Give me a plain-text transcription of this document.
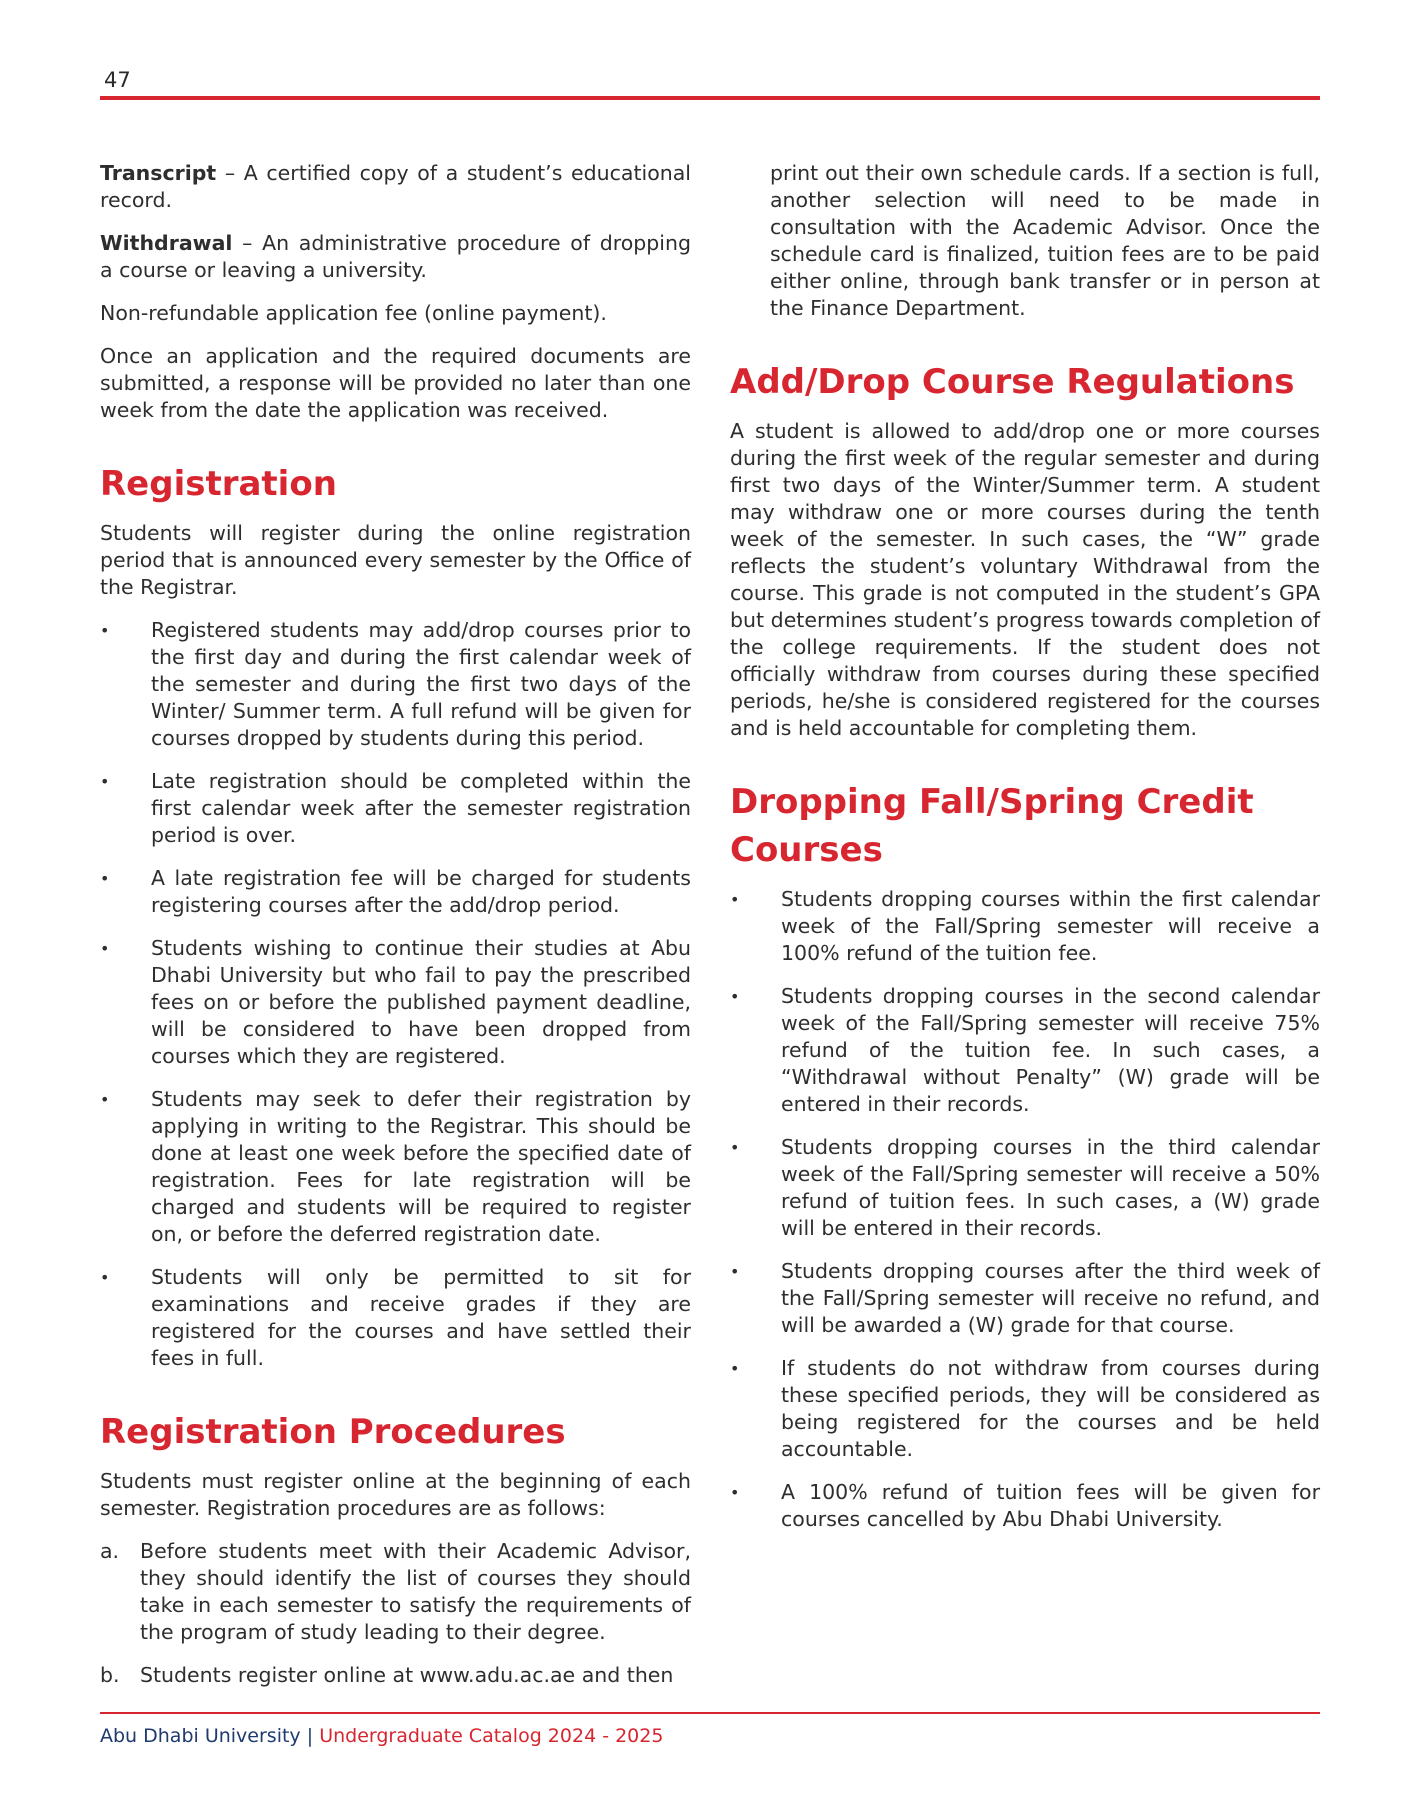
47

Transcript – A certified copy of a student’s educational record.

Withdrawal – An administrative procedure of dropping a course or leaving a university.

Non-refundable application fee (online payment).

Once an application and the required documents are submitted, a response will be provided no later than one week from the date the application was received.

Registration

Students will register during the online registration period that is announced every semester by the Office of the Registrar.

•	Registered students may add/drop courses prior to the first day and during the first calendar week of the semester and during the first two days of the Winter/ Summer term. A full refund will be given for courses dropped by students during this period.
•	Late registration should be completed within the first calendar week after the semester registration period is over.
•	A late registration fee will be charged for students registering courses after the add/drop period.
•	Students wishing to continue their studies at Abu Dhabi University but who fail to pay the prescribed fees on or before the published payment deadline, will be considered to have been dropped from courses which they are registered.
•	Students may seek to defer their registration by applying in writing to the Registrar. This should be done at least one week before the specified date of registration. Fees for late registration will be charged and students will be required to register on, or before the deferred registration date.
•	Students will only be permitted to sit for examinations and receive grades if they are registered for the courses and have settled their fees in full.
Registration Procedures

Students must register online at the beginning of each semester. Registration procedures are as follows:

a. Before students meet with their Academic Advisor, they should identify the list of courses they should take in each semester to satisfy the requirements of the program of study leading to their degree.
b. Students register online at www.adu.ac.ae and then

print out their own schedule cards. If a section is full, another selection will need to be made in consultation with the Academic Advisor. Once the schedule card is finalized, tuition fees are to be paid either online, through bank transfer or in person at the Finance Department.

Add/Drop Course Regulations

A student is allowed to add/drop one or more courses during the first week of the regular semester and during first two days of the Winter/Summer term. A student may withdraw one or more courses during the tenth week of the semester. In such cases, the “W” grade reflects the student’s voluntary Withdrawal from the course. This grade is not computed in the student’s GPA but determines student’s progress towards completion of the college requirements. If the student does not officially withdraw from courses during these specified periods, he/she is considered registered for the courses and is held accountable for completing them.

Dropping Fall/Spring Credit Courses
•	Students dropping courses within the first calendar week of the Fall/Spring semester will receive a 100% refund of the tuition fee.
•	Students dropping courses in the second calendar week of the Fall/Spring semester will receive 75% refund of the tuition fee. In such cases, a “Withdrawal without Penalty” (W) grade will be entered in their records.
•	Students dropping courses in the third calendar week of the Fall/Spring semester will receive a 50% refund of tuition fees. In such cases, a (W) grade will be entered in their records.
•	Students dropping courses after the third week of the Fall/Spring semester will receive no refund, and will be awarded a (W) grade for that course.
•	If students do not withdraw from courses during these specified periods, they will be considered as being registered for the courses and be held accountable.
•	A 100% refund of tuition fees will be given for courses cancelled by Abu Dhabi University.
Abu Dhabi University | Undergraduate Catalog 2024 - 2025
